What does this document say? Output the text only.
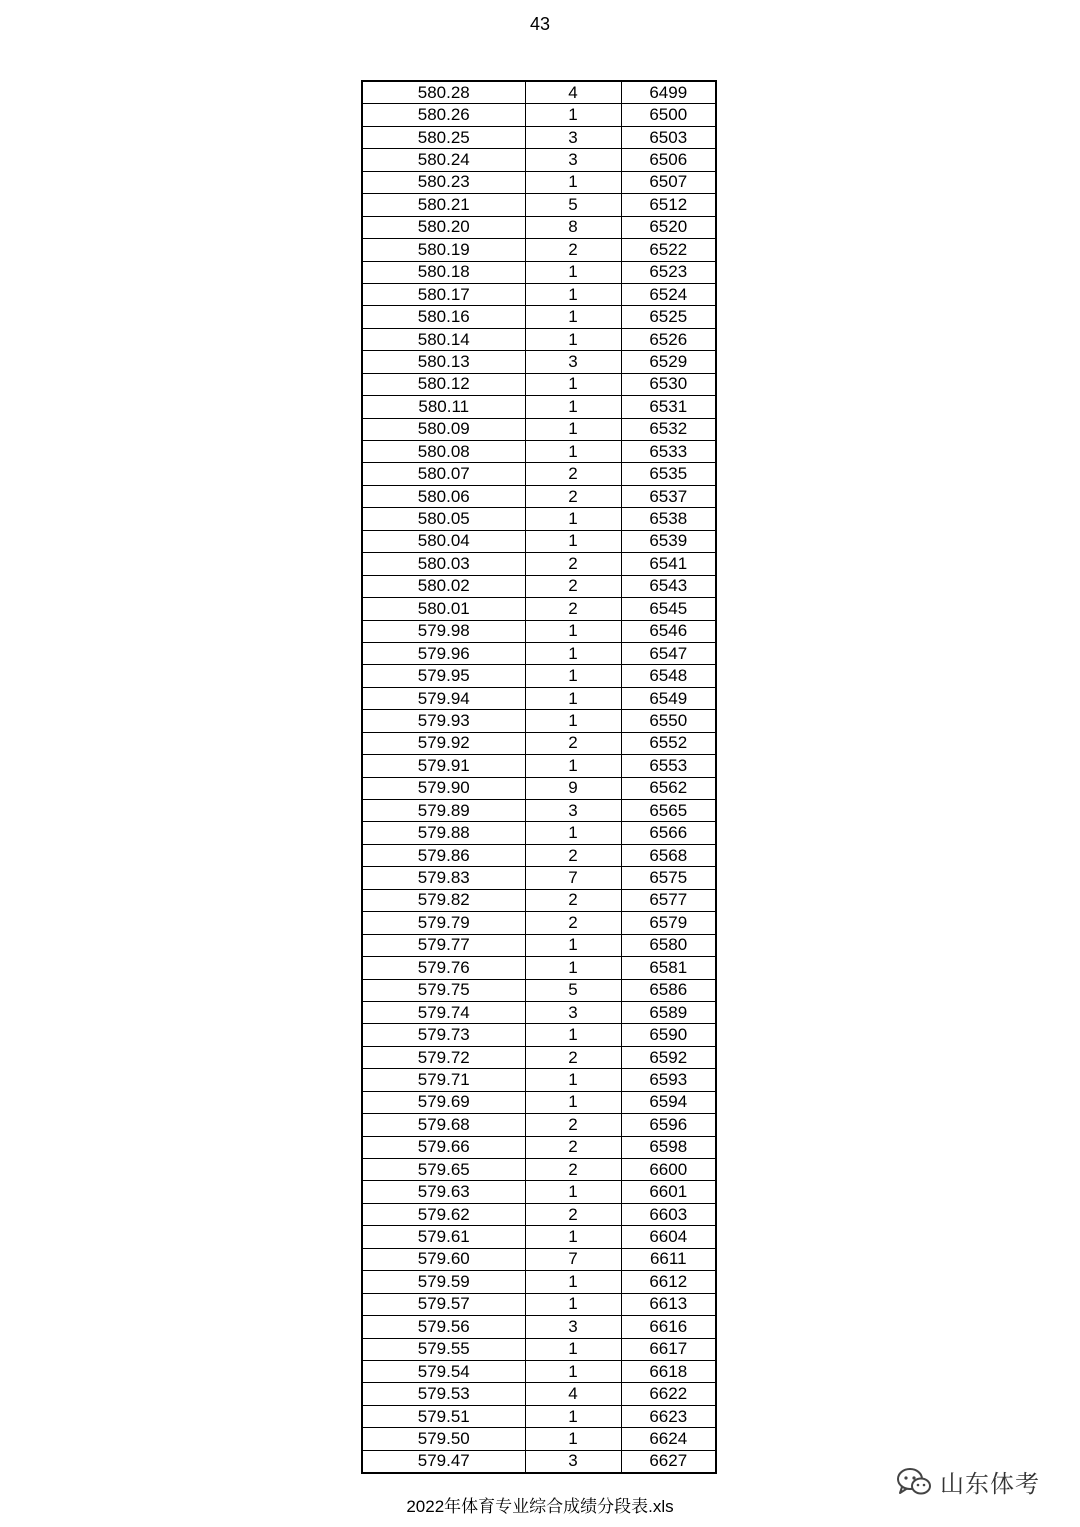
43
580.28	4	6499
580.26	1	6500
580.25	3	6503
580.24	3	6506
580.23	1	6507
580.21	5	6512
580.20	8	6520
580.19	2	6522
580.18	1	6523
580.17	1	6524
580.16	1	6525
580.14	1	6526
580.13	3	6529
580.12	1	6530
580.11	1	6531
580.09	1	6532
580.08	1	6533
580.07	2	6535
580.06	2	6537
580.05	1	6538
580.04	1	6539
580.03	2	6541
580.02	2	6543
580.01	2	6545
579.98	1	6546
579.96	1	6547
579.95	1	6548
579.94	1	6549
579.93	1	6550
579.92	2	6552
579.91	1	6553
579.90	9	6562
579.89	3	6565
579.88	1	6566
579.86	2	6568
579.83	7	6575
579.82	2	6577
579.79	2	6579
579.77	1	6580
579.76	1	6581
579.75	5	6586
579.74	3	6589
579.73	1	6590
579.72	2	6592
579.71	1	6593
579.69	1	6594
579.68	2	6596
579.66	2	6598
579.65	2	6600
579.63	1	6601
579.62	2	6603
579.61	1	6604
579.60	7	6611
579.59	1	6612
579.57	1	6613
579.56	3	6616
579.55	1	6617
579.54	1	6618
579.53	4	6622
579.51	1	6623
579.50	1	6624
579.47	3	6627
山东体考
2022年体育专业综合成绩分段表.xls
